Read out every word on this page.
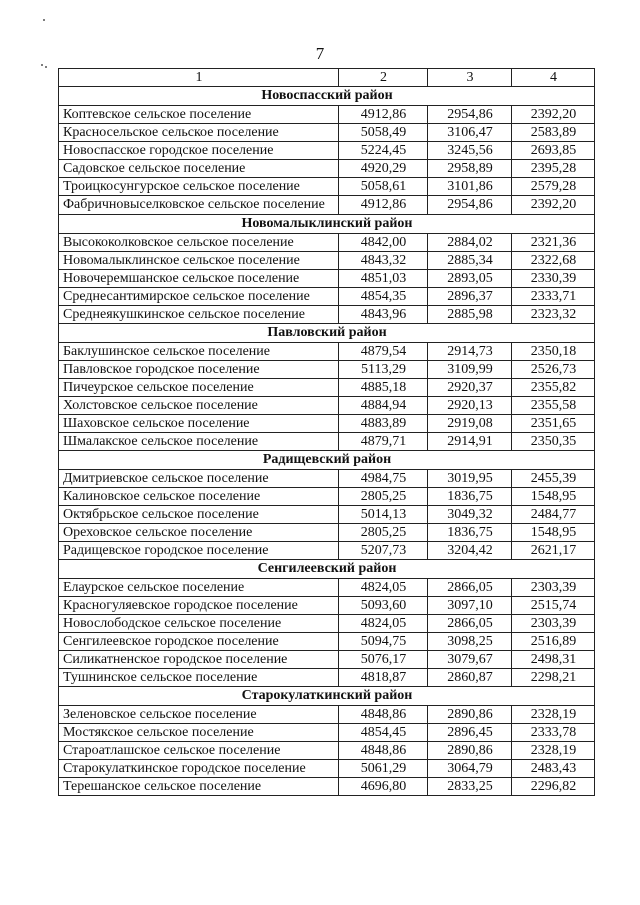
7
1	2	3	4
Новоспасский район			
Коптевское сельское поселение	4912,86	2954,86	2392,20
Красносельское сельское поселение	5058,49	3106,47	2583,89
Новоспасское городское поселение	5224,45	3245,56	2693,85
Садовское сельское поселение	4920,29	2958,89	2395,28
Троицкосунгурское сельское поселение	5058,61	3101,86	2579,28
Фабричновыселковское сельское поселение	4912,86	2954,86	2392,20
Новомалыклинский район			
Высококолковское сельское поселение	4842,00	2884,02	2321,36
Новомалыклинское сельское поселение	4843,32	2885,34	2322,68
Новочеремшанское сельское поселение	4851,03	2893,05	2330,39
Среднесантимирское сельское поселение	4854,35	2896,37	2333,71
Среднеякушкинское сельское поселение	4843,96	2885,98	2323,32
Павловский район			
Баклушинское сельское поселение	4879,54	2914,73	2350,18
Павловское городское поселение	5113,29	3109,99	2526,73
Пичеурское сельское поселение	4885,18	2920,37	2355,82
Холстовское сельское поселение	4884,94	2920,13	2355,58
Шаховское сельское поселение	4883,89	2919,08	2351,65
Шмалакское сельское поселение	4879,71	2914,91	2350,35
Радищевский район			
Дмитриевское сельское поселение	4984,75	3019,95	2455,39
Калиновское сельское поселение	2805,25	1836,75	1548,95
Октябрьское сельское поселение	5014,13	3049,32	2484,77
Ореховское сельское поселение	2805,25	1836,75	1548,95
Радищевское городское поселение	5207,73	3204,42	2621,17
Сенгилеевский район			
Елаурское сельское поселение	4824,05	2866,05	2303,39
Красногуляевское городское поселение	5093,60	3097,10	2515,74
Новослободское сельское поселение	4824,05	2866,05	2303,39
Сенгилеевское городское поселение	5094,75	3098,25	2516,89
Силикатненское городское поселение	5076,17	3079,67	2498,31
Тушнинское сельское поселение	4818,87	2860,87	2298,21
Старокулаткинский район			
Зеленовское сельское поселение	4848,86	2890,86	2328,19
Мостякское сельское поселение	4854,45	2896,45	2333,78
Староатлашское сельское поселение	4848,86	2890,86	2328,19
Старокулаткинское городское поселение	5061,29	3064,79	2483,43
Терешанское сельское поселение	4696,80	2833,25	2296,82
